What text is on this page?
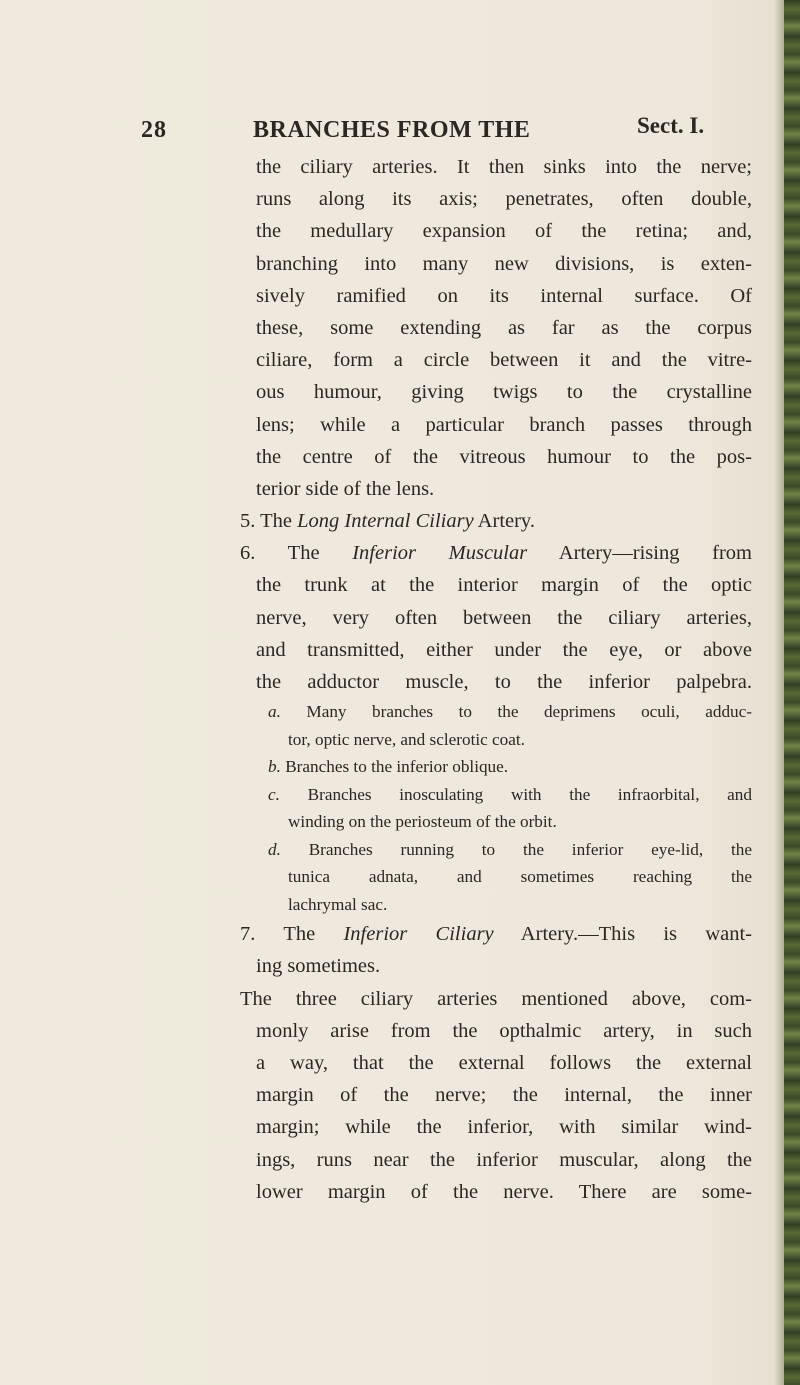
28	BRANCHES FROM THE	Sect. I.
the ciliary arteries. It then sinks into the nerve;
runs along its axis; penetrates, often double,
the medullary expansion of the retina; and,
branching into many new divisions, is exten-
sively ramified on its internal surface. Of
these, some extending as far as the corpus
ciliare, form a circle between it and the vitre-
ous humour, giving twigs to the crystalline
lens; while a particular branch passes through
the centre of the vitreous humour to the pos-
terior side of the lens.
5. The Long Internal Ciliary Artery.
6. The Inferior Muscular Artery—rising from
the trunk at the interior margin of the optic
nerve, very often between the ciliary arteries,
and transmitted, either under the eye, or above
the adductor muscle, to the inferior palpebra.
a. Many branches to the deprimens oculi, adduc-
tor, optic nerve, and sclerotic coat.
b. Branches to the inferior oblique.
c. Branches inosculating with the infraorbital, and
winding on the periosteum of the orbit.
d. Branches running to the inferior eye-lid, the
tunica adnata, and sometimes reaching the
lachrymal sac.
7. The Inferior Ciliary Artery.—This is want-
ing sometimes.
The three ciliary arteries mentioned above, com-
monly arise from the opthalmic artery, in such
a way, that the external follows the external
margin of the nerve; the internal, the inner
margin; while the inferior, with similar wind-
ings, runs near the inferior muscular, along the
lower margin of the nerve. There are some-
